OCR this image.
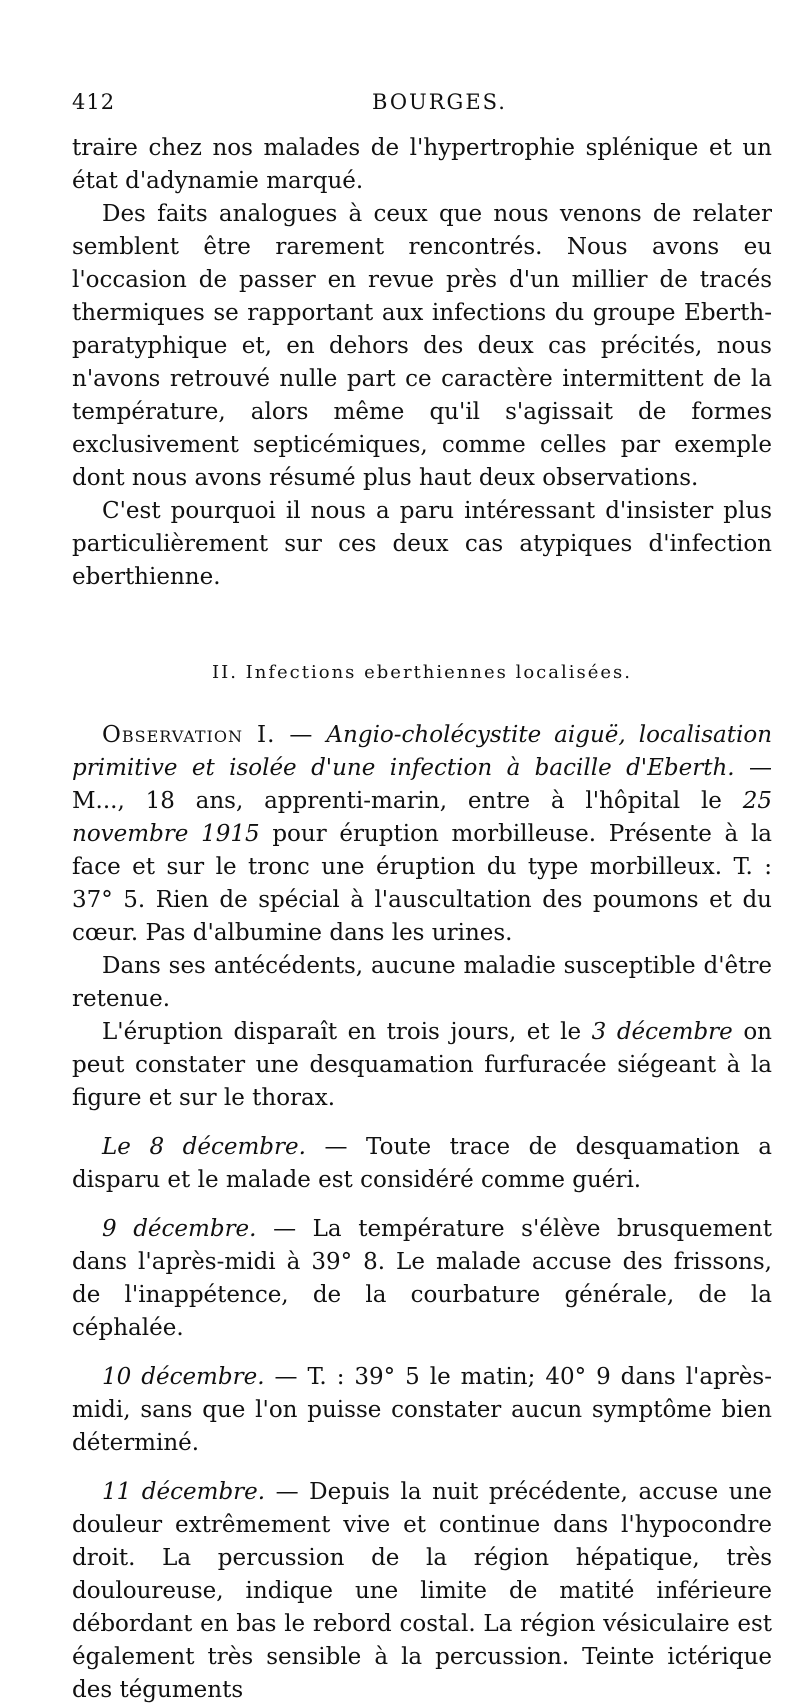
412	BOURGES.

traire chez nos malades de l'hypertrophie splénique et un état d'adynamie marqué.

Des faits analogues à ceux que nous venons de relater semblent être rarement rencontrés. Nous avons eu l'occasion de passer en revue près d'un millier de tracés thermiques se rapportant aux infections du groupe Eberth-paratyphique et, en dehors des deux cas précités, nous n'avons retrouvé nulle part ce caractère intermittent de la température, alors même qu'il s'agissait de formes exclusivement septicémiques, comme celles par exemple dont nous avons résumé plus haut deux observations.

C'est pourquoi il nous a paru intéressant d'insister plus particulièrement sur ces deux cas atypiques d'infection eberthienne.

II. Infections eberthiennes localisées.

Observation I. — Angio-cholécystite aiguë, localisation primitive et isolée d'une infection à bacille d'Eberth. — M..., 18 ans, apprenti-marin, entre à l'hôpital le 25 novembre 1915 pour éruption morbilleuse. Présente à la face et sur le tronc une éruption du type morbilleux. T. : 37° 5. Rien de spécial à l'auscultation des poumons et du cœur. Pas d'albumine dans les urines.

Dans ses antécédents, aucune maladie susceptible d'être retenue.

L'éruption disparaît en trois jours, et le 3 décembre on peut constater une desquamation furfuracée siégeant à la figure et sur le thorax.

Le 8 décembre. — Toute trace de desquamation a disparu et le malade est considéré comme guéri.

9 décembre. — La température s'élève brusquement dans l'après-midi à 39° 8. Le malade accuse des frissons, de l'inappétence, de la courbature générale, de la céphalée.

10 décembre. — T. : 39° 5 le matin; 40° 9 dans l'après-midi, sans que l'on puisse constater aucun symptôme bien déterminé.

11 décembre. — Depuis la nuit précédente, accuse une douleur extrêmement vive et continue dans l'hypocondre droit. La percussion de la région hépatique, très douloureuse, indique une limite de matité inférieure débordant en bas le rebord costal. La région vésiculaire est également très sensible à la percussion. Teinte ictérique des téguments
